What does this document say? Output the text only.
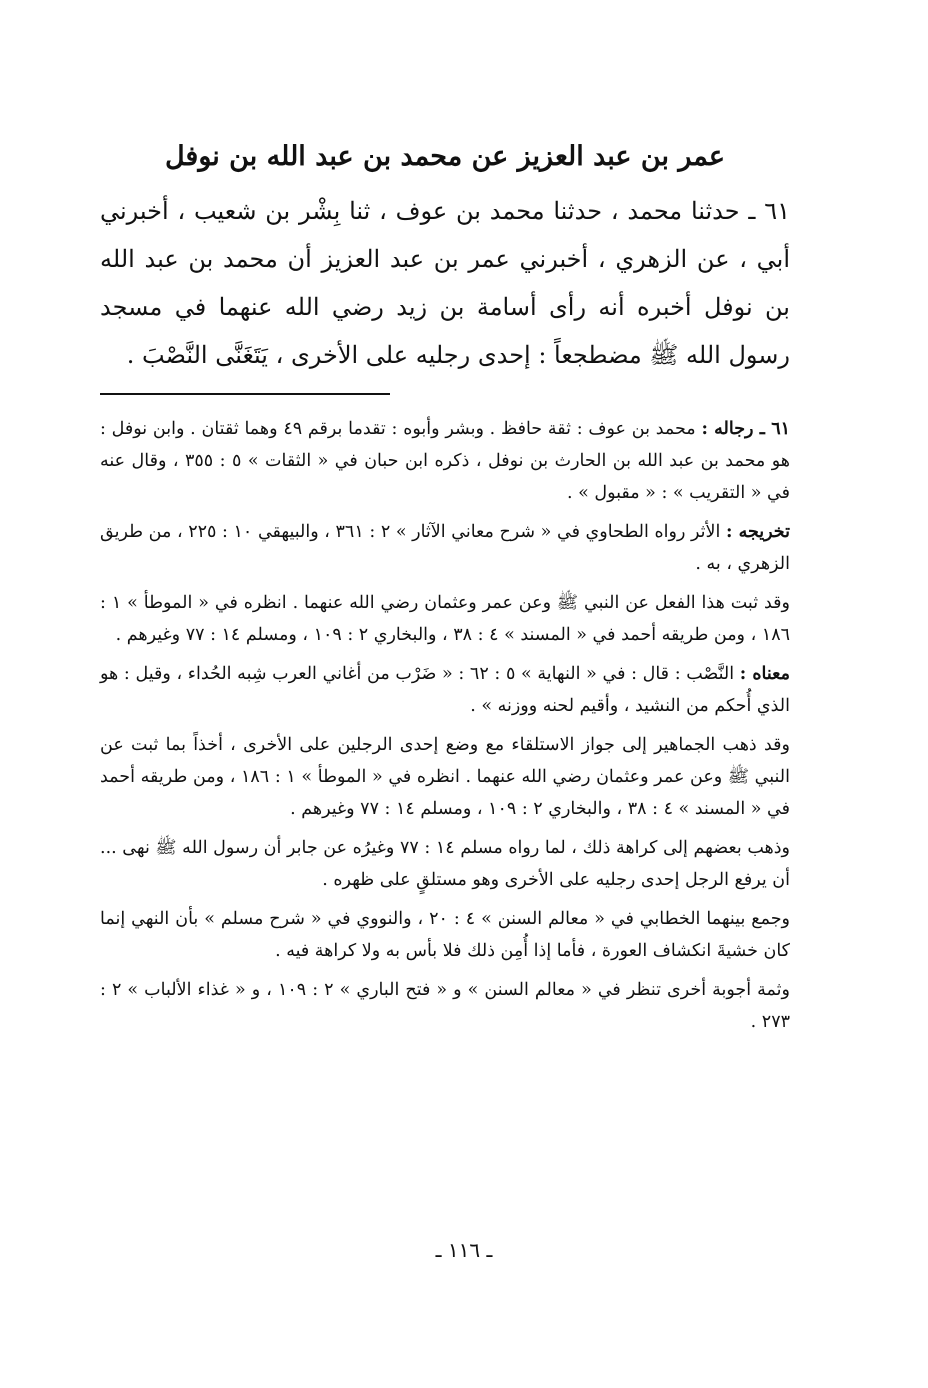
عمر بن عبد العزيز عن محمد بن عبد الله بن نوفل

٦١ ـ حدثنا محمد ، حدثنا محمد بن عوف ، ثنا بِشْر بن شعيب ، أخبرني أبي ، عن الزهري ، أخبرني عمر بن عبد العزيز أن محمد بن عبد الله بن نوفل أخبره أنه رأى أسامة بن زيد رضي الله عنهما في مسجد رسول الله ﷺ مضطجعاً : إحدى رجليه على الأخرى ، يَتَغَنَّى النَّصْبَ .

٦١ ـ رجاله : محمد بن عوف : ثقة حافظ . وبشر وأبوه : تقدما برقم ٤٩ وهما ثقتان . وابن نوفل : هو محمد بن عبد الله بن الحارث بن نوفل ، ذكره ابن حبان في « الثقات » ٥ : ٣٥٥ ، وقال عنه في « التقريب » : « مقبول » .

تخريجه : الأثر رواه الطحاوي في « شرح معاني الآثار » ٢ : ٣٦١ ، والبيهقي ١٠ : ٢٢٥ ، من طريق الزهري ، به .

وقد ثبت هذا الفعل عن النبي ﷺ وعن عمر وعثمان رضي الله عنهما . انظره في « الموطأ » ١ : ١٨٦ ، ومن طريقه أحمد في « المسند » ٤ : ٣٨ ، والبخاري ٢ : ١٠٩ ، ومسلم ١٤ : ٧٧ وغيرهم .

معناه : النَّصْب : قال : في « النهاية » ٥ : ٦٢ : « ضَرْب من أغاني العرب شِبه الحُداء ، وقيل : هو الذي أُحكم من النشيد ، وأقيم لحنه ووزنه » .

وقد ذهب الجماهير إلى جواز الاستلقاء مع وضع إحدى الرجلين على الأخرى ، أخذاً بما ثبت عن النبي ﷺ وعن عمر وعثمان رضي الله عنهما . انظره في « الموطأ » ١ : ١٨٦ ، ومن طريقه أحمد في « المسند » ٤ : ٣٨ ، والبخاري ٢ : ١٠٩ ، ومسلم ١٤ : ٧٧ وغيرهم .

وذهب بعضهم إلى كراهة ذلك ، لما رواه مسلم ١٤ : ٧٧ وغيرُه عن جابر أن رسول الله ﷺ نهى ... أن يرفع الرجل إحدى رجليه على الأخرى وهو مستلقٍ على ظهره .

وجمع بينهما الخطابي في « معالم السنن » ٤ : ٢٠ ، والنووي في « شرح مسلم » بأن النهي إنما كان خشيةَ انكشاف العورة ، فأما إذا أُمِن ذلك فلا بأس به ولا كراهة فيه .

وثمة أجوبة أخرى تنظر في « معالم السنن » و « فتح الباري » ٢ : ١٠٩ ، و « غذاء الألباب » ٢ : ٢٧٣ .

ـ ١١٦ ـ
